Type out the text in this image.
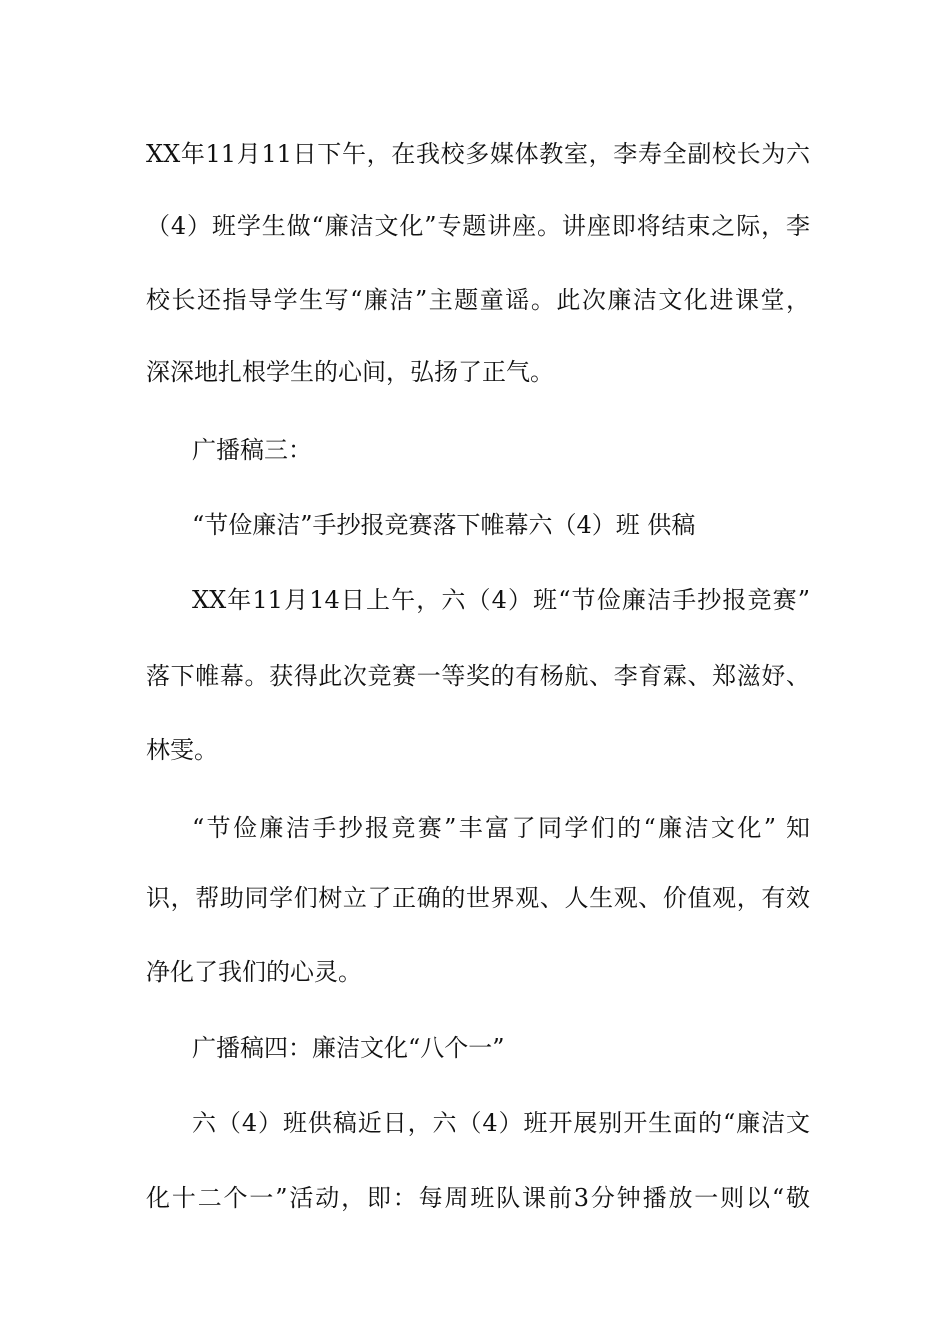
XX年11月11日下午，在我校多媒体教室，李寿全副校长为六
（4）班学生做“廉洁文化”专题讲座。讲座即将结束之际，李
校长还指导学生写“廉洁”主题童谣。此次廉洁文化进课堂，
深深地扎根学生的心间，弘扬了正气。
广播稿三：
“节俭廉洁”手抄报竞赛落下帷幕六（4）班 供稿
XX年11月14日上午，六（4）班“节俭廉洁手抄报竞赛”
落下帷幕。获得此次竞赛一等奖的有杨航、李育霖、郑滋妤、
林雯。
“节俭廉洁手抄报竞赛”丰富了同学们的“廉洁文化” 知
识，帮助同学们树立了正确的世界观、人生观、价值观，有效
净化了我们的心灵。
广播稿四：廉洁文化“八个一”
六（4）班供稿近日，六（4）班开展别开生面的“廉洁文
化十二个一”活动，即：每周班队课前3分钟播放一则以“敬
